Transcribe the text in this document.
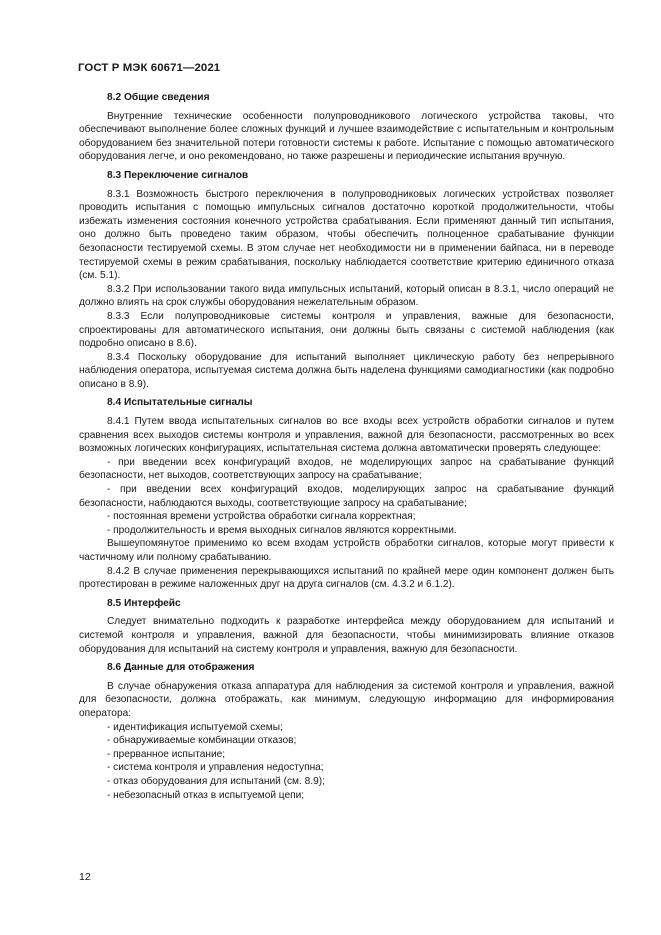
ГОСТ Р МЭК 60671—2021
8.2 Общие сведения

Внутренние технические особенности полупроводникового логического устройства таковы, что обеспечивают выполнение более сложных функций и лучшее взаимодействие с испытательным и контрольным оборудованием без значительной потери готовности системы к работе. Испытание с помощью автоматического оборудования легче, и оно рекомендовано, но также разрешены и периодические испытания вручную.

8.3 Переключение сигналов

8.3.1 Возможность быстрого переключения в полупроводниковых логических устройствах позволяет проводить испытания с помощью импульсных сигналов достаточно короткой продолжительности, чтобы избежать изменения состояния конечного устройства срабатывания. Если применяют данный тип испытания, оно должно быть проведено таким образом, чтобы обеспечить полноценное срабатывание функции безопасности тестируемой схемы. В этом случае нет необходимости ни в применении байпаса, ни в переводе тестируемой схемы в режим срабатывания, поскольку наблюдается соответствие критерию единичного отказа (см. 5.1).

8.3.2 При использовании такого вида импульсных испытаний, который описан в 8.3.1, число операций не должно влиять на срок службы оборудования нежелательным образом.

8.3.3 Если полупроводниковые системы контроля и управления, важные для безопасности, спроектированы для автоматического испытания, они должны быть связаны с системой наблюдения (как подробно описано в 8.6).

8.3.4 Поскольку оборудование для испытаний выполняет циклическую работу без непрерывного наблюдения оператора, испытуемая система должна быть наделена функциями самодиагностики (как подробно описано в 8.9).

8.4 Испытательные сигналы

8.4.1 Путем ввода испытательных сигналов во все входы всех устройств обработки сигналов и путем сравнения всех выходов системы контроля и управления, важной для безопасности, рассмотренных во всех возможных логических конфигурациях, испытательная система должна автоматически проверять следующее:

- при введении всех конфигураций входов, не моделирующих запрос на срабатывание функций безопасности, нет выходов, соответствующих запросу на срабатывание;

- при введении всех конфигураций входов, моделирующих запрос на срабатывание функций безопасности, наблюдаются выходы, соответствующие запросу на срабатывание;

- постоянная времени устройства обработки сигнала корректная;

- продолжительность и время выходных сигналов являются корректными.

Вышеупомянутое применимо ко всем входам устройств обработки сигналов, которые могут привести к частичному или полному срабатыванию.

8.4.2 В случае применения перекрывающихся испытаний по крайней мере один компонент должен быть протестирован в режиме наложенных друг на друга сигналов (см. 4.3.2 и 6.1.2).

8.5 Интерфейс

Следует внимательно подходить к разработке интерфейса между оборудованием для испытаний и системой контроля и управления, важной для безопасности, чтобы минимизировать влияние отказов оборудования для испытаний на систему контроля и управления, важную для безопасности.

8.6 Данные для отображения

В случае обнаружения отказа аппаратура для наблюдения за системой контроля и управления, важной для безопасности, должна отображать, как минимум, следующую информацию для информирования оператора:

- идентификация испытуемой схемы;

- обнаруживаемые комбинации отказов;

- прерванное испытание;

- система контроля и управления недоступна;

- отказ оборудования для испытаний (см. 8.9);

- небезопасный отказ в испытуемой цепи;

12
